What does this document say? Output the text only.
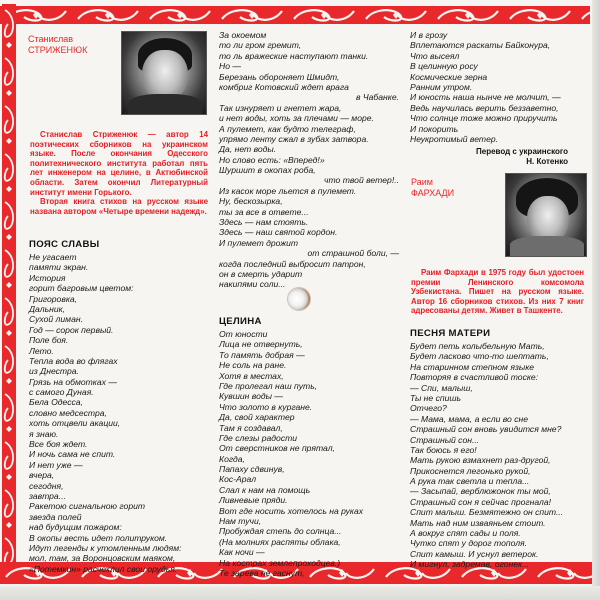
Станислав
СТРИЖЕНЮК

Станислав Стриженюк — автор 14 поэтических сборников на украинском языке. После окончания Одесского политехнического института работал пять лет инженером на целине, в Актюбинской области. Затем окончил Литературный институт имени Горького.

Вторая книга стихов на русском языке названа автором «Четыре времени надежд».

ПОЯС СЛАВЫ
Не угасает
памяти экран.
История
горит багровым цветом:
Григоровка,
Дальник,
Сухой лиман.
Год — сорок первый.
Поле боя.
Лето.
Тепла вода во флягах
из Днестра.
Грязь на обмотках —
с самого Дуная.
Бела Одесса,
словно медсестра,
хоть отцвели акации,
я знаю.
Все боя ждет.
И ночь сама не спит.
И нет уже —
вчера,
сегодня,
завтра...
Ракетою сигнальною горит
звезда полей
над будущим пожаром:
В окопы весть идет политруком.
Идут легенды к утомленным людям:
мол, там, за Воронцовским маяком,
«Потемкин» расчехлил свои орудья.
За окоемом
то ли гром гремит,
то ль вражеские наступают танки.
Но —
Березань обороняет Шмидт,
комбриг Котовский ждет врага
в Чабанке.
Так изнуряет и гнетет жара,
и нет воды, хоть за плечами — море.
А пулемет, как будто телеграф,
упрямо ленту сжал в зубах затвора.
Да, нет воды.
Но слово есть: «Вперед!»
Шуршит в окопах роба,
что твой ветер!..
Из касок море льется в пулемет.
Ну, бескозырка,
ты за все в ответе...
Здесь — нам стоять.
Здесь — наш святой кордон.
И пулемет дрожит
от страшной боли, —
когда последний выбросит патрон,
он в смерть ударит
накипями соли...
ЦЕЛИНА
От юности
Лица не отвернуть,
То память добрая —
Не соль на ране.
Хотя в местах,
Где пролегал наш путь,
Кувшин воды —
Что золото в кургане.
Да, свой характер
Там я создавал,
Где слезы радости
От сверстников не прятал,
Когда,
Папаху сдвинув,
Кос-Арал
Слал к нам на помощь
Ливневые пряди.
Вот где носить хотелось на руках
Нам тучи,
Пробуждая степь до солнца...
(На молниях распяты облака,
Как ночи —
На кострах землепроходцев.)
Те зарева не гаснут,
И в грозу
Вплетаются раскаты Байконура,
Что высеял
В целинную росу
Космические зерна
Ранним утром.
И юность наша нынче не молчит, —
Ведь научилась верить беззаветно,
Что солнце тоже можно приручить
И покорить
Неукротимый ветер.
Перевод с украинского
Н. Котенко
Раим
ФАРХАДИ

Раим Фархади в 1975 году был удостоен премии Ленинского комсомола Узбекистана. Пишет на русском языке. Автор 16 сборников стихов. Из них 7 книг адресованы детям. Живет в Ташкенте.

ПЕСНЯ МАТЕРИ
Будет петь колыбельную Мать,
Будет ласково что-то шептать,
На старинном степном языке
Повторяя в счастливой тоске:
— Спи, малыш,
Ты не спишь
Отчего?
— Мама, мама, а если во сне
Страшный сон вновь увидится мне?
Страшный сон...
Так боюсь я его!
Мать рукою взмахнет раз-другой,
Прикоснется легонько рукой,
А рука так светла и тепла...
— Засыпай, верблюжонок ты мой,
Страшный сон я сейчас прогнала!
Спит малыш. Безмятежно он спит...
Мать над ним изваяньем стоит.
А вокруг спят сады и поля.
Чутко спят у дорог тополя.
Спит камыш. И уснул ветерок.
И мигнул, задремав, огонек...
